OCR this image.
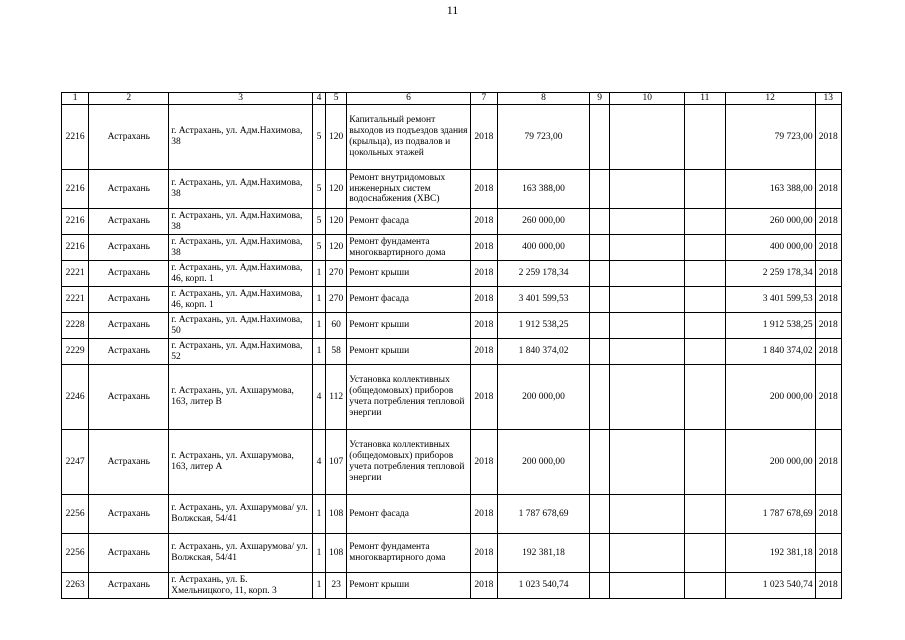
11
1	2	3	4	5	6	7	8	9	10	11	12	13
2216	Астрахань	г. Астрахань, ул. Адм.Нахимова, 38	5	120	Капитальный ремонт выходов из подъездов здания (крыльца), из подвалов и цокольных этажей	2018	79 723,00				79 723,00	2018
2216	Астрахань	г. Астрахань, ул. Адм.Нахимова, 38	5	120	Ремонт внутридомовых инженерных систем водоснабжения (ХВС)	2018	163 388,00				163 388,00	2018
2216	Астрахань	г. Астрахань, ул. Адм.Нахимова, 38	5	120	Ремонт фасада	2018	260 000,00				260 000,00	2018
2216	Астрахань	г. Астрахань, ул. Адм.Нахимова, 38	5	120	Ремонт фундамента многоквартирного дома	2018	400 000,00				400 000,00	2018
2221	Астрахань	г. Астрахань, ул. Адм.Нахимова, 46, корп. 1	1	270	Ремонт крыши	2018	2 259 178,34				2 259 178,34	2018
2221	Астрахань	г. Астрахань, ул. Адм.Нахимова, 46, корп. 1	1	270	Ремонт фасада	2018	3 401 599,53				3 401 599,53	2018
2228	Астрахань	г. Астрахань, ул. Адм.Нахимова, 50	1	60	Ремонт крыши	2018	1 912 538,25				1 912 538,25	2018
2229	Астрахань	г. Астрахань, ул. Адм.Нахимова, 52	1	58	Ремонт крыши	2018	1 840 374,02				1 840 374,02	2018
2246	Астрахань	г. Астрахань, ул. Ахшарумова, 163, литер В	4	112	Установка коллективных (общедомовых) приборов учета потребления тепловой энергии	2018	200 000,00				200 000,00	2018
2247	Астрахань	г. Астрахань, ул. Ахшарумова, 163, литер А	4	107	Установка коллективных (общедомовых) приборов учета потребления тепловой энергии	2018	200 000,00				200 000,00	2018
2256	Астрахань	г. Астрахань, ул. Ахшарумова/ ул. Волжская, 54/41	1	108	Ремонт фасада	2018	1 787 678,69				1 787 678,69	2018
2256	Астрахань	г. Астрахань, ул. Ахшарумова/ ул. Волжская, 54/41	1	108	Ремонт фундамента многоквартирного дома	2018	192 381,18				192 381,18	2018
2263	Астрахань	г. Астрахань, ул. Б. Хмельницкого, 11, корп. 3	1	23	Ремонт крыши	2018	1 023 540,74				1 023 540,74	2018
